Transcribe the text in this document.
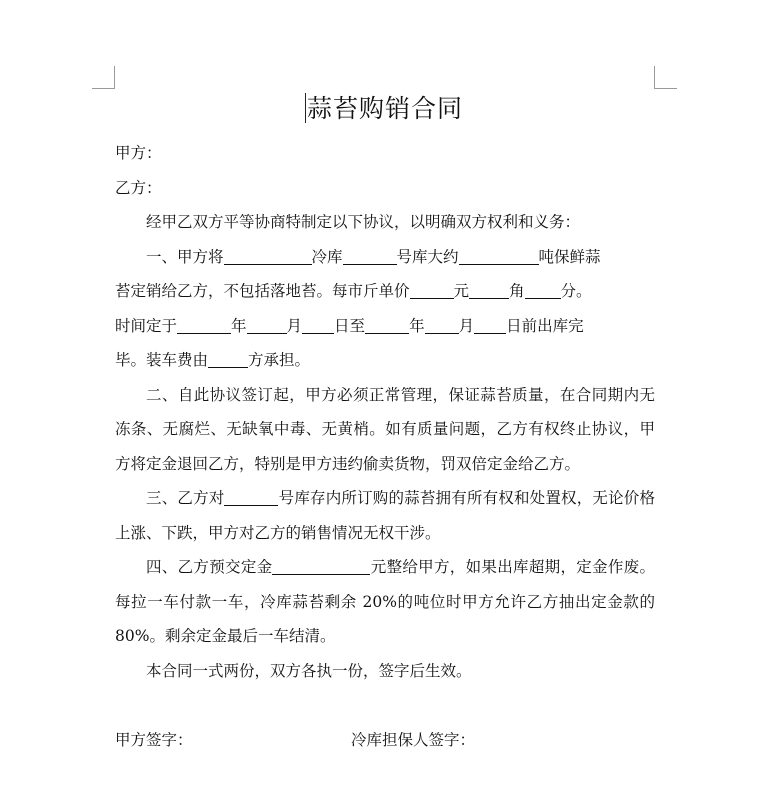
蒜苔购销合同
甲方：
乙方：
经甲乙双方平等协商特制定以下协议，以明确双方权利和义务：
一、甲方将	冷库	号库大约	吨保鲜蒜
苔定销给乙方，不包括落地苔。每市斤单价	元	角 分。
时间定于	年	月 日至	年 月 日前出库完
毕。装车费由	方承担。
二、自此协议签订起，甲方必须正常管理，保证蒜苔质量，在合同期内无冻条、无腐烂、无缺氧中毒、无黄梢。如有质量问题，乙方有权终止协议，甲方将定金退回乙方，特别是甲方违约偷卖货物，罚双倍定金给乙方。
三、乙方对	号库存内所订购的蒜苔拥有所有权和处置权，无论价格上涨、下跌，甲方对乙方的销售情况无权干涉。
四、乙方预交定金	元整给甲方，如果出库超期，定金作废。每拉一车付款一车，冷库蒜苔剩余 20%的吨位时甲方允许乙方抽出定金款的 80%。剩余定金最后一车结清。
本合同一式两份，双方各执一份，签字后生效。
甲方签字：	冷库担保人签字：
